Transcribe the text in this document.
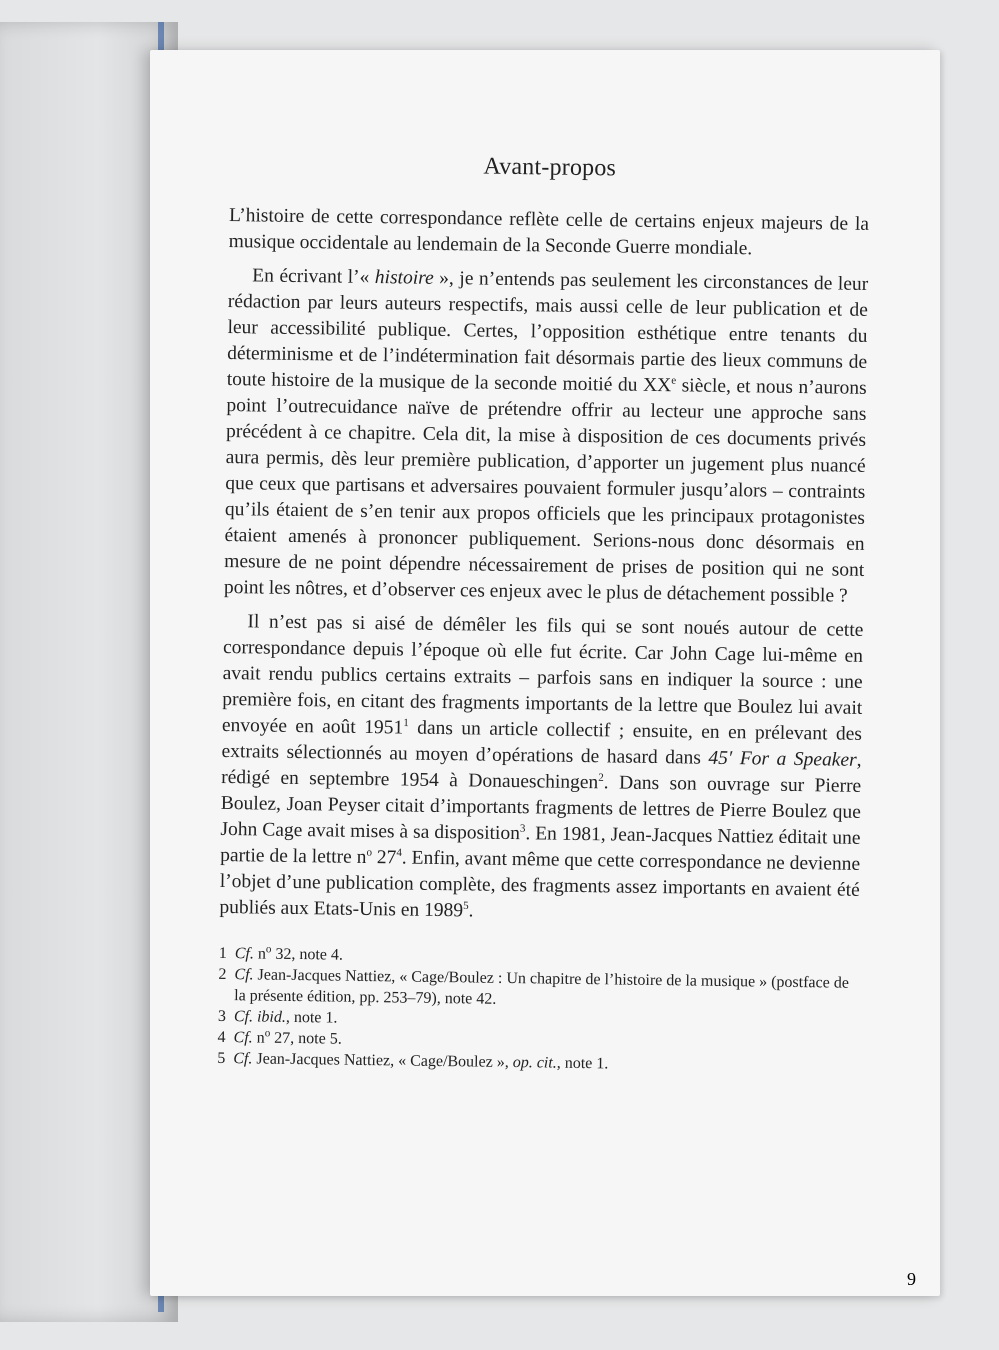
Avant-propos

L’histoire de cette correspondance reflète celle de certains enjeux majeurs de la musique occidentale au lendemain de la Seconde Guerre mondiale.

En écrivant l’« histoire », je n’entends pas seulement les circonstances de leur rédaction par leurs auteurs respectifs, mais aussi celle de leur publication et de leur accessibilité publique. Certes, l’opposition esthétique entre tenants du déterminisme et de l’indétermination fait désormais partie des lieux communs de toute histoire de la musique de la seconde moitié du XXe siècle, et nous n’aurons point l’outrecuidance naïve de prétendre offrir au lecteur une approche sans précédent à ce chapitre. Cela dit, la mise à disposition de ces documents privés aura permis, dès leur première publication, d’apporter un jugement plus nuancé que ceux que partisans et adversaires pouvaient formuler jusqu’alors – contraints qu’ils étaient de s’en tenir aux propos officiels que les principaux protagonistes étaient amenés à prononcer publiquement. Serions-nous donc désormais en mesure de ne point dépendre nécessairement de prises de position qui ne sont point les nôtres, et d’observer ces enjeux avec le plus de détachement possible ?

Il n’est pas si aisé de démêler les fils qui se sont noués autour de cette correspondance depuis l’époque où elle fut écrite. Car John Cage lui-même en avait rendu publics certains extraits – parfois sans en indiquer la source : une première fois, en citant des fragments importants de la lettre que Boulez lui avait envoyée en août 1951$^1$ dans un article collectif ; ensuite, en en prélevant des extraits sélectionnés au moyen d’opérations de hasard dans 45′ For a Speaker, rédigé en septembre 1954 à Donaueschingen$^2$. Dans son ouvrage sur Pierre Boulez, Joan Peyser citait d’importants fragments de lettres de Pierre Boulez que John Cage avait mises à sa disposition$^3$. En 1981, Jean-Jacques Nattiez éditait une partie de la lettre $n^o$ $27^4$. Enfin, avant même que cette correspondance ne devienne l’objet d’une publication complète, des fragments assez importants en avaient été publiés aux Etats-Unis en 1989$^5$.

1 Cf. $n^o$ 32, note 4.
2 Cf. Jean-Jacques Nattiez, « Cage/Boulez : Un chapitre de l’histoire de la musique » (postface de la présente édition, pp. 253–79), note 42.
3 Cf. ibid., note 1.
4 Cf. $n^o$ 27, note 5.
5 Cf. Jean-Jacques Nattiez, « Cage/Boulez », op. cit., note 1.
9
